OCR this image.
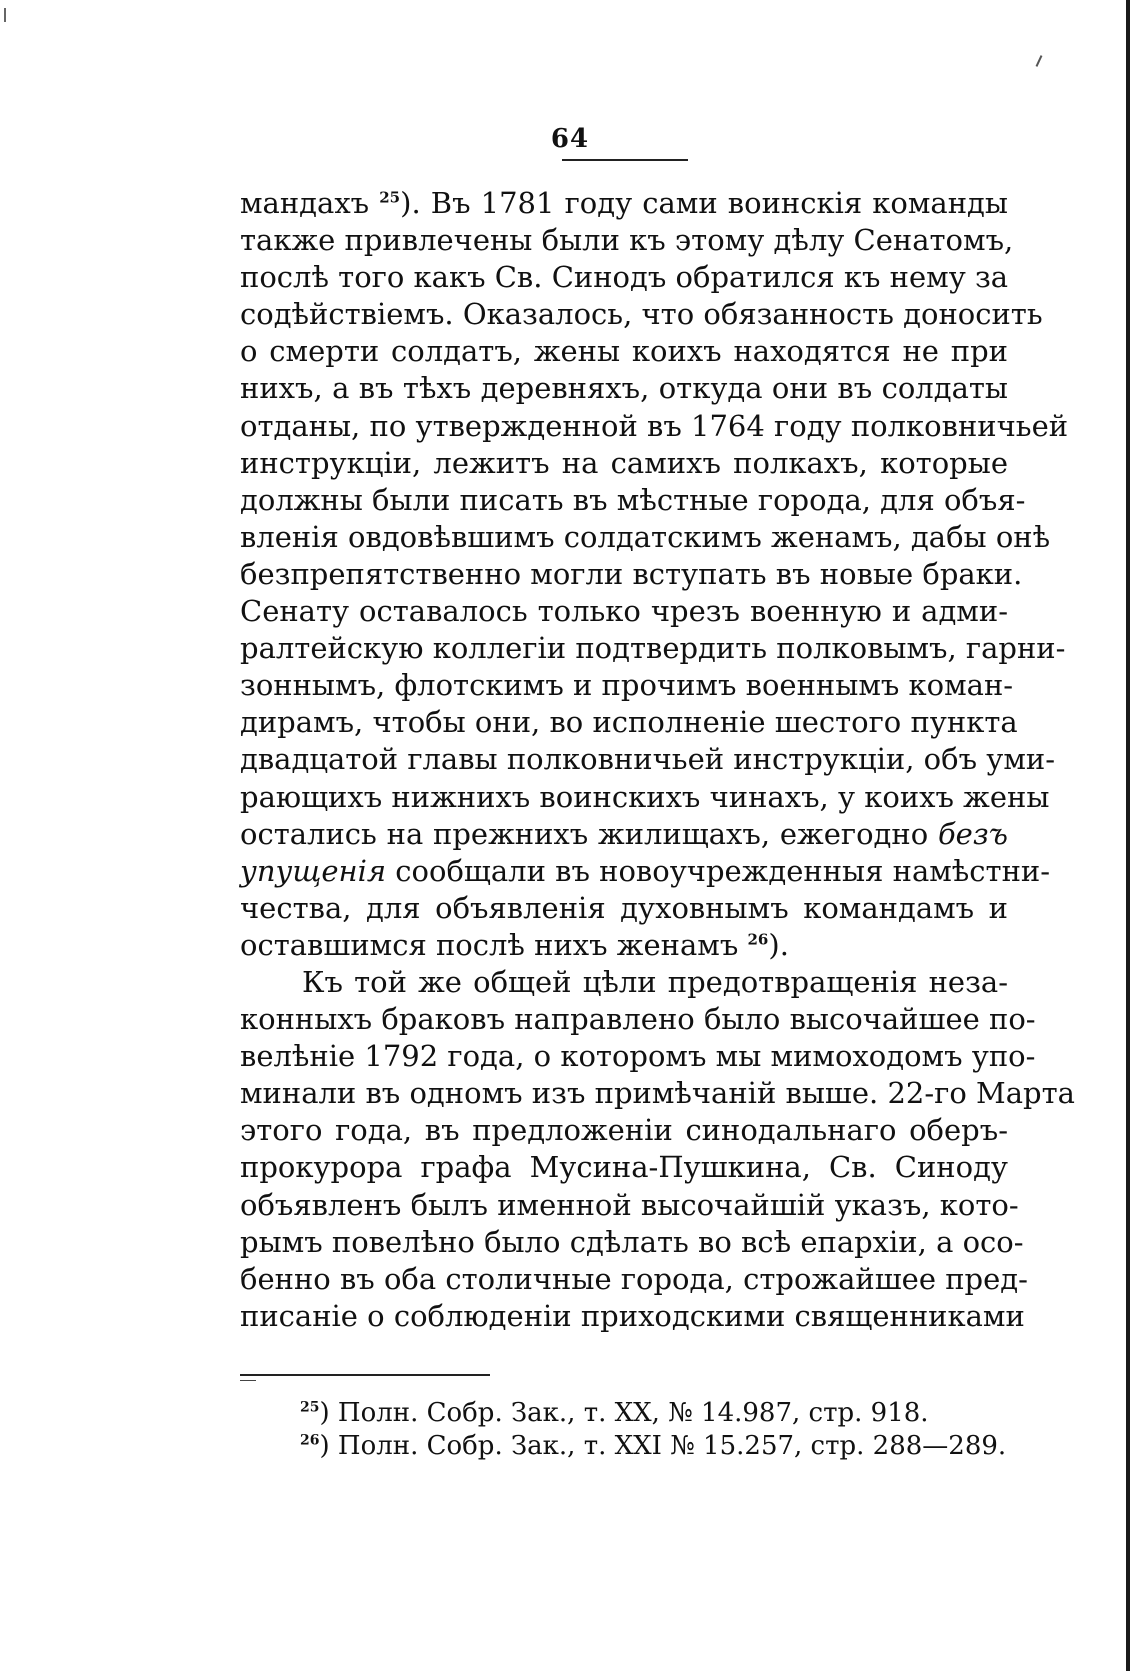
64
мандахъ $^{25}$). Въ 1781 году сами воинскія команды
также привлечены были къ этому дѣлу Сенатомъ,
послѣ того какъ Св. Синодъ обратился къ нему за
содѣйствіемъ. Оказалось, что обязанность доносить
о смерти солдатъ, жены коихъ находятся не при
нихъ, а въ тѣхъ деревняхъ, откуда они въ солдаты
отданы, по утвержденной въ 1764 году полковничьей
инструкціи, лежитъ на самихъ полкахъ, которые
должны были писать въ мѣстные города, для объя-
вленія овдовѣвшимъ солдатскимъ женамъ, дабы онѣ
безпрепятственно могли вступать въ новые браки.
Сенату оставалось только чрезъ военную и адми-
ралтейскую коллегіи подтвердить полковымъ, гарни-
зоннымъ, флотскимъ и прочимъ военнымъ коман-
дирамъ, чтобы они, во исполненіе шестого пункта
двадцатой главы полковничьей инструкціи, объ уми-
рающихъ нижнихъ воинскихъ чинахъ, у коихъ жены
остались на прежнихъ жилищахъ, ежегодно безъ
упущенія сообщали въ новоучрежденныя намѣстни-
чества, для объявленія духовнымъ командамъ и
оставшимся послѣ нихъ женамъ $^{26}$).
Къ той же общей цѣли предотвращенія неза-
конныхъ браковъ направлено было высочайшее по-
велѣніе 1792 года, о которомъ мы мимоходомъ упо-
минали въ одномъ изъ примѣчаній выше. 22-го Марта
этого года, въ предложеніи синодальнаго оберъ-
прокурора графа Мусина-Пушкина, Св. Синоду
объявленъ былъ именной высочайшій указъ, кото-
рымъ повелѣно было сдѣлать во всѣ епархіи, а осо-
бенно въ оба столичные города, строжайшее пред-
писаніе о соблюденіи приходскими священниками
$^{25}$) Полн. Собр. Зак., т. XX, № 14.987, стр. 918.
$^{26}$) Полн. Собр. Зак., т. XXI № 15.257, стр. 288—289.
